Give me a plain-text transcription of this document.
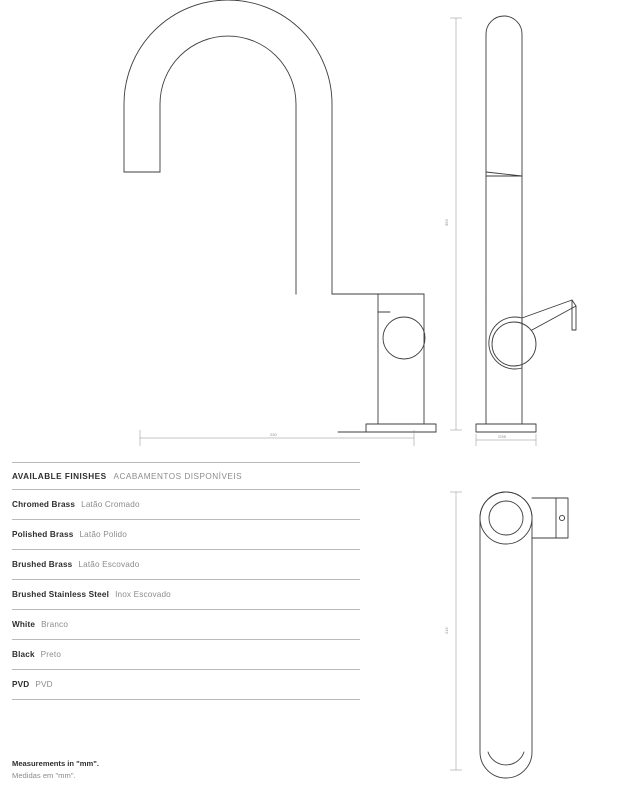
230
393
∅55
215
AVAILABLE FINISHES ACABAMENTOS DISPONÍVEIS
Chromed Brass Latão Cromado
Polished Brass Latão Polido
Brushed Brass Latão Escovado
Brushed Stainless Steel Inox Escovado
White Branco
Black Preto
PVD PVD
Measurements in "mm".
Medidas em "mm".
